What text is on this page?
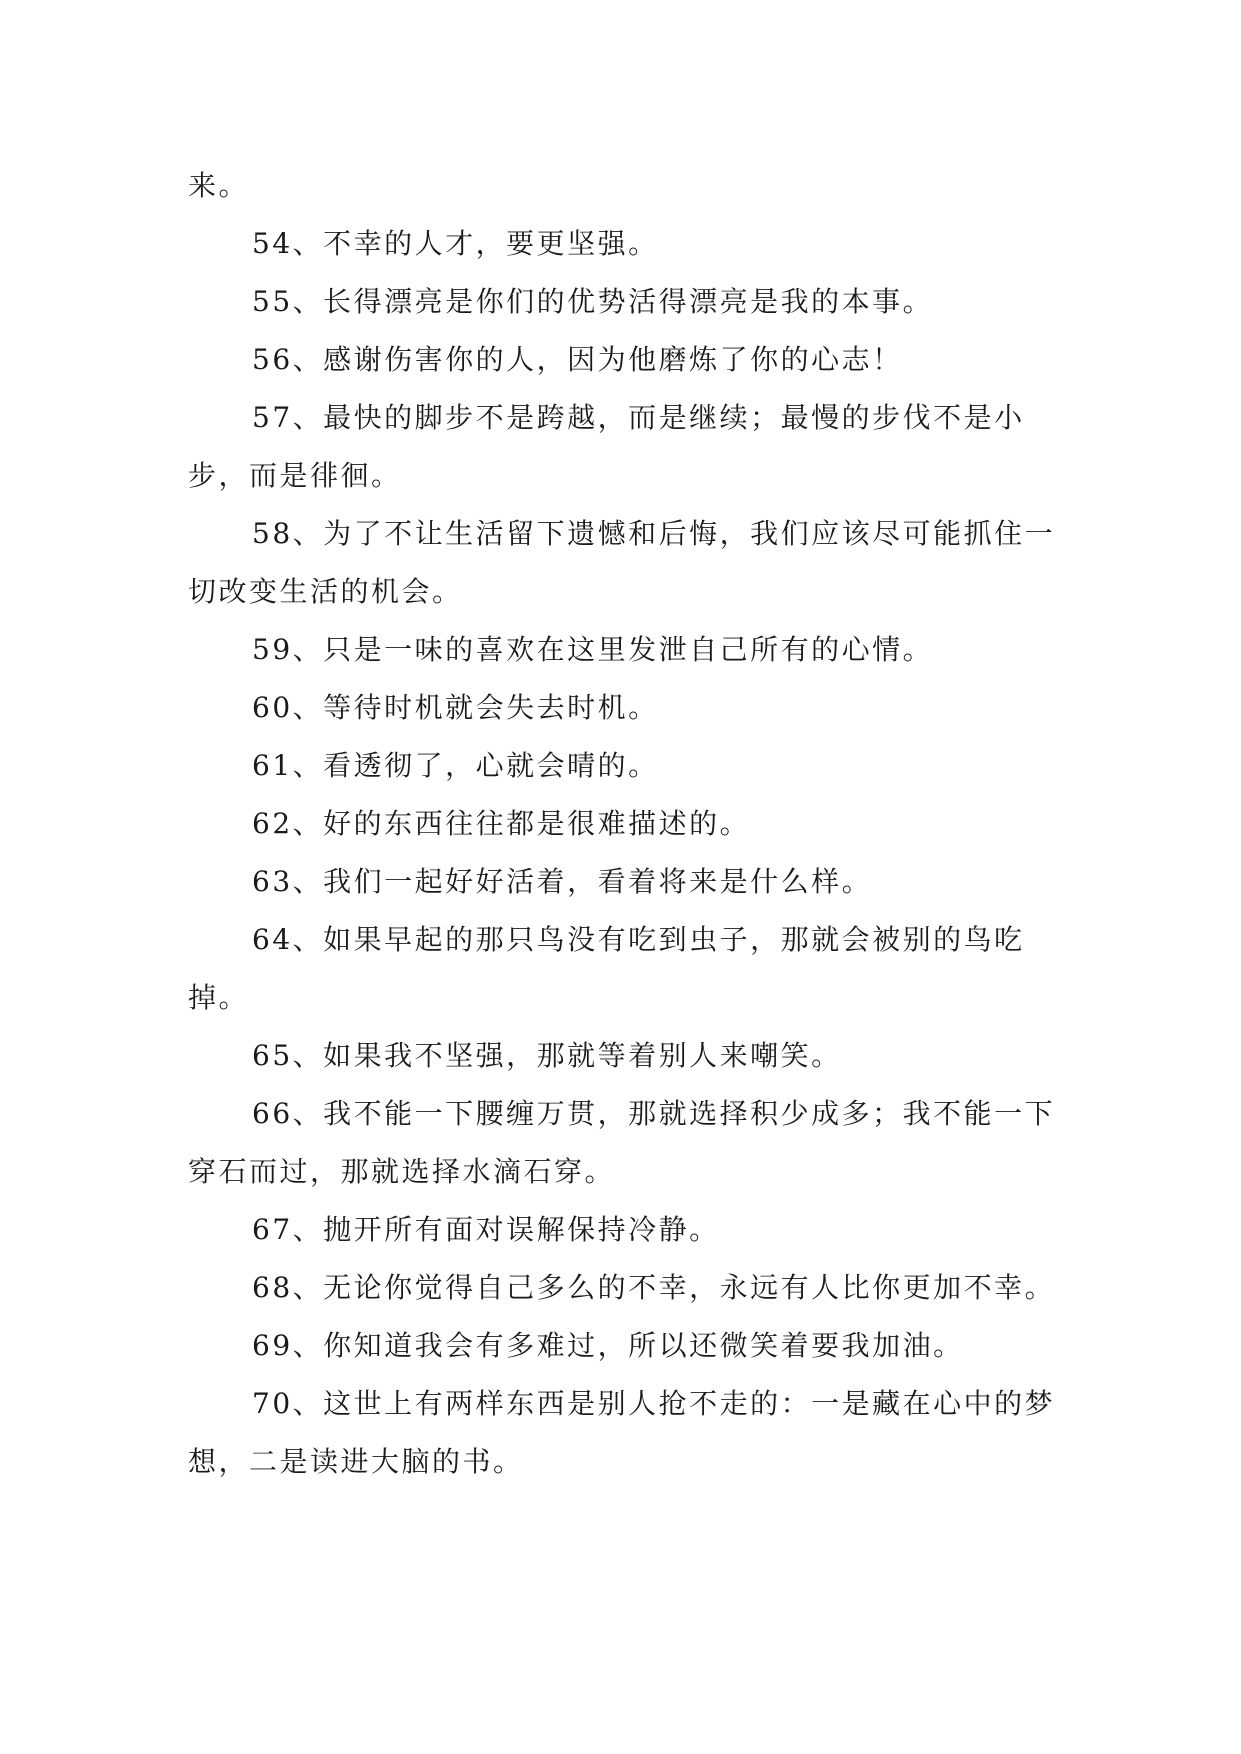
来。

54、不幸的人才，要更坚强。

55、长得漂亮是你们的优势活得漂亮是我的本事。

56、感谢伤害你的人，因为他磨炼了你的心志！

57、最快的脚步不是跨越，而是继续；最慢的步伐不是小步，而是徘徊。

58、为了不让生活留下遗憾和后悔，我们应该尽可能抓住一切改变生活的机会。

59、只是一味的喜欢在这里发泄自己所有的心情。

60、等待时机就会失去时机。

61、看透彻了，心就会晴的。

62、好的东西往往都是很难描述的。

63、我们一起好好活着，看着将来是什么样。

64、如果早起的那只鸟没有吃到虫子，那就会被别的鸟吃掉。

65、如果我不坚强，那就等着别人来嘲笑。

66、我不能一下腰缠万贯，那就选择积少成多；我不能一下穿石而过，那就选择水滴石穿。

67、抛开所有面对误解保持冷静。

68、无论你觉得自己多么的不幸，永远有人比你更加不幸。

69、你知道我会有多难过，所以还微笑着要我加油。

70、这世上有两样东西是别人抢不走的：一是藏在心中的梦想，二是读进大脑的书。
